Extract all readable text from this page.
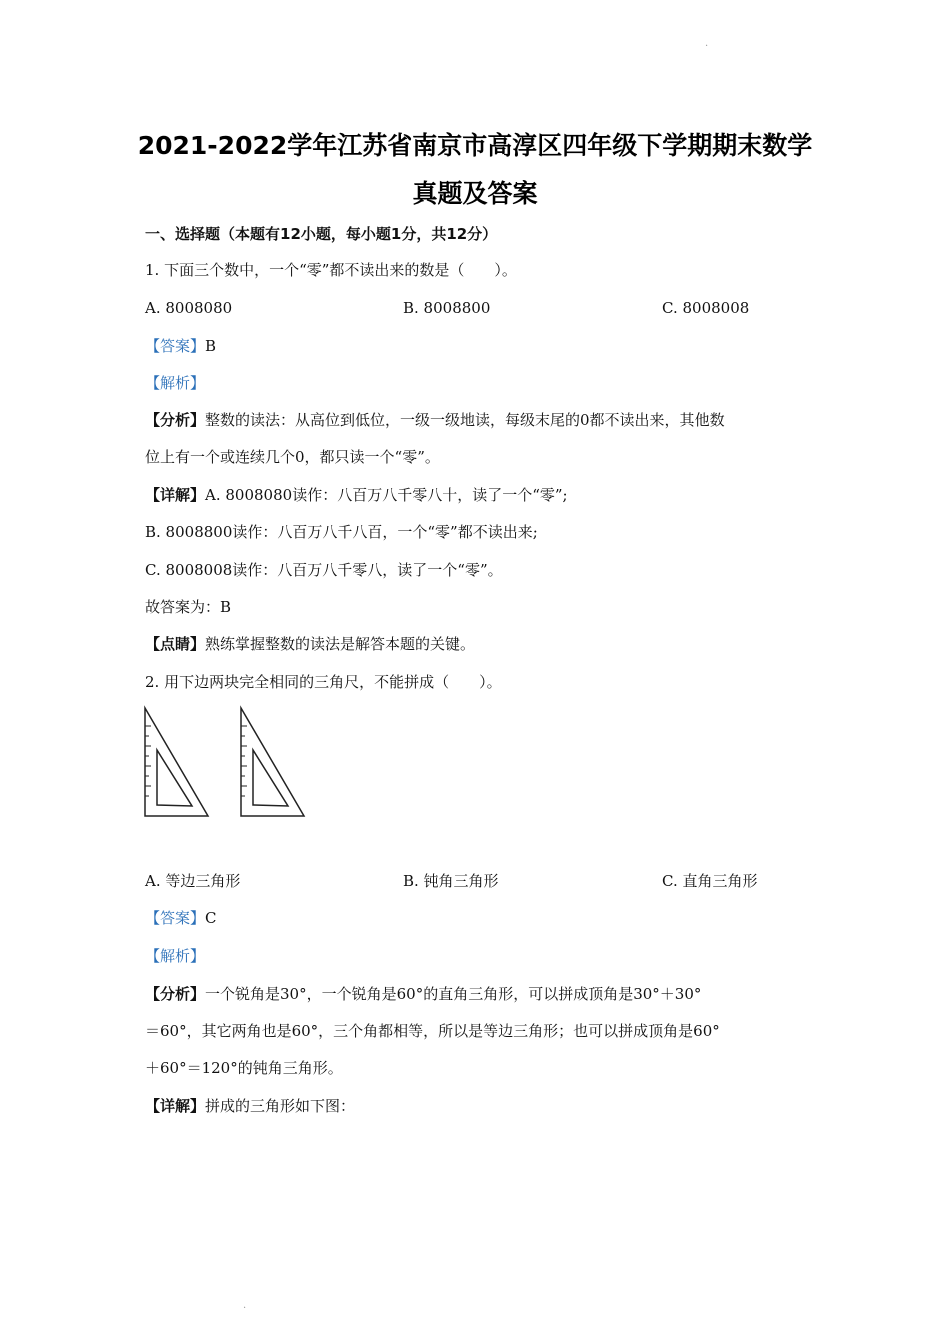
.
2021-2022学年江苏省南京市高淳区四年级下学期期末数学
真题及答案
一、选择题（本题有12小题，每小题1分，共12分）
1. 下面三个数中，一个“零”都不读出来的数是（　　）。
A. 8008080	B. 8008800	C. 8008008
【答案】B
【解析】
【分析】整数的读法：从高位到低位，一级一级地读，每级末尾的0都不读出来，其他数
位上有一个或连续几个0，都只读一个“零”。
【详解】A. 8008080读作：八百万八千零八十，读了一个“零”;
B. 8008800读作：八百万八千八百，一个“零”都不读出来;
C. 8008008读作：八百万八千零八，读了一个“零”。
故答案为：B
【点睛】熟练掌握整数的读法是解答本题的关键。
2. 用下边两块完全相同的三角尺，不能拼成（　　）。
A. 等边三角形	B. 钝角三角形	C. 直角三角形
【答案】C
【解析】
【分析】一个锐角是30°，一个锐角是60°的直角三角形，可以拼成顶角是30°＋30°
＝60°，其它两角也是60°，三个角都相等，所以是等边三角形；也可以拼成顶角是60°
＋60°＝120°的钝角三角形。
【详解】拼成的三角形如下图：
.
